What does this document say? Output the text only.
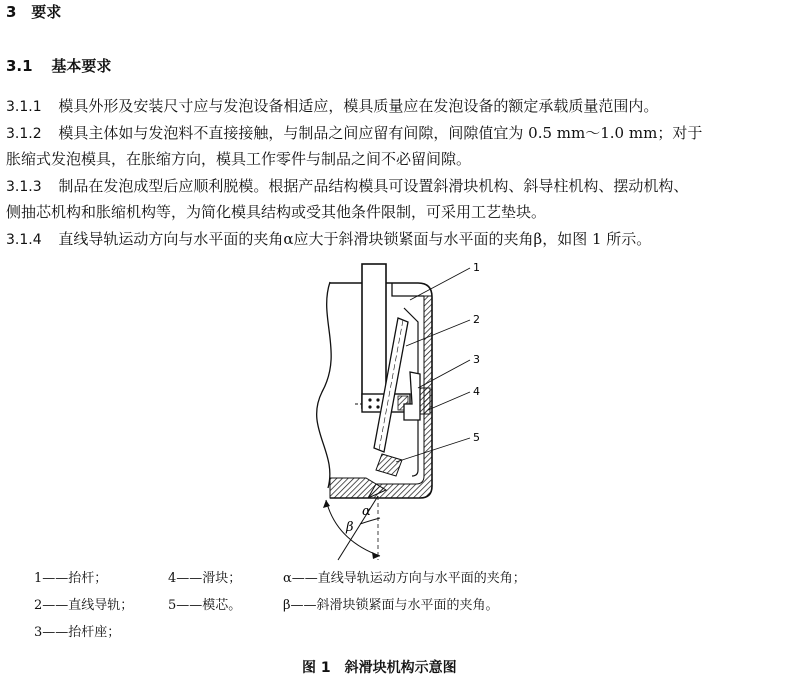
3 要求
3.1 基本要求
3.1.1 模具外形及安装尺寸应与发泡设备相适应，模具质量应在发泡设备的额定承载质量范围内。
3.1.2 模具主体如与发泡料不直接接触，与制品之间应留有间隙，间隙值宜为 0.5 mm～1.0 mm；对于
胀缩式发泡模具，在胀缩方向，模具工作零件与制品之间不必留间隙。
3.1.3 制品在发泡成型后应顺利脱模。根据产品结构模具可设置斜滑块机构、斜导柱机构、摆动机构、
侧抽芯机构和胀缩机构等，为简化模具结构或受其他条件限制，可采用工艺垫块。
3.1.4 直线导轨运动方向与水平面的夹角α应大于斜滑块锁紧面与水平面的夹角β，如图 1 所示。
α
β
1
2
3
4
5
1——抬杆；	4——滑块；	α——直线导轨运动方向与水平面的夹角；
2——直线导轨；	5——模芯。	β——斜滑块锁紧面与水平面的夹角。
3——抬杆座；
图 1　斜滑块机构示意图
